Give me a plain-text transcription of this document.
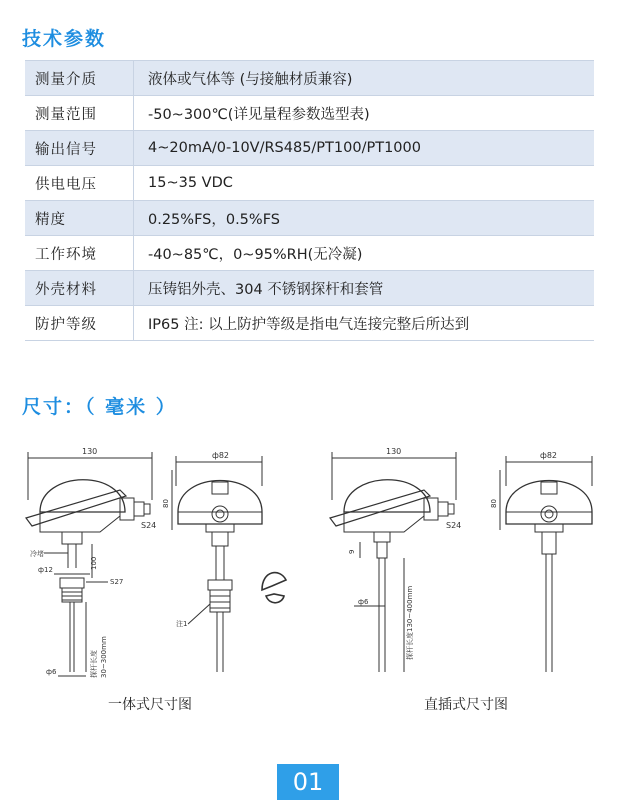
技术参数
测量介质	液体或气体等 (与接触材质兼容)
测量范围	-50~300℃(详见量程参数选型表)
输出信号	4~20mA/0-10V/RS485/PT100/PT1000
供电电压	15~35 VDC
精度	0.25%FS，0.5%FS
工作环境	-40~85℃，0~95%RH(无冷凝)
外壳材料	压铸铝外壳、304 不锈钢探杆和套管
防护等级	IP65 注: 以上防护等级是指电气连接完整后所达到
尺寸：（ 毫米 ）
130
S24
冷堵
ф12	100
S27
探杆长度 30~300mm
ф6
ф82
80
注1
130
S24
9
ф6	探杆长度130~400mm
ф82
80
一体式尺寸图	直插式尺寸图
01
